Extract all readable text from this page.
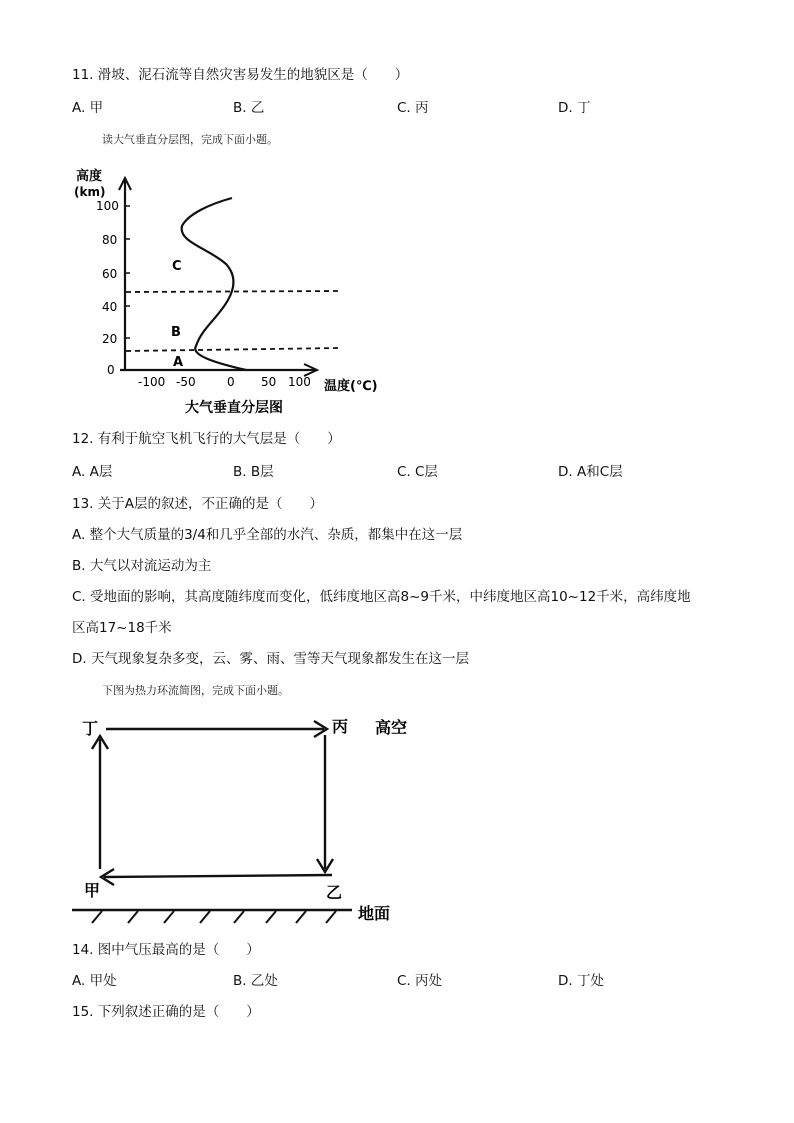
11. 滑坡、泥石流等自然灾害易发生的地貌区是（　　）
A. 甲	B. 乙	C. 丙	D. 丁
读大气垂直分层图，完成下面小题。
高度
(km)
100
80
60
40
20
0
-100 -50	0 50 100 温度(℃)
A
B
C
大气垂直分层图
12. 有利于航空飞机飞行的大气层是（　　）
A. A层	B. B层	C. C层	D. A和C层
13. 关于A层的叙述，不正确的是（　　）
A. 整个大气质量的3/4和几乎全部的水汽、杂质，都集中在这一层
B. 大气以对流运动为主
C. 受地面的影响，其高度随纬度而变化，低纬度地区高8~9千米，中纬度地区高10~12千米，高纬度地
区高17~18千米
D. 天气现象复杂多变，云、雾、雨、雪等天气现象都发生在这一层
下图为热力环流简图，完成下面小题。
丁	丙 高空
甲	乙
地面
14. 图中气压最高的是（　　）
A. 甲处	B. 乙处	C. 丙处	D. 丁处
15. 下列叙述正确的是（　　）
